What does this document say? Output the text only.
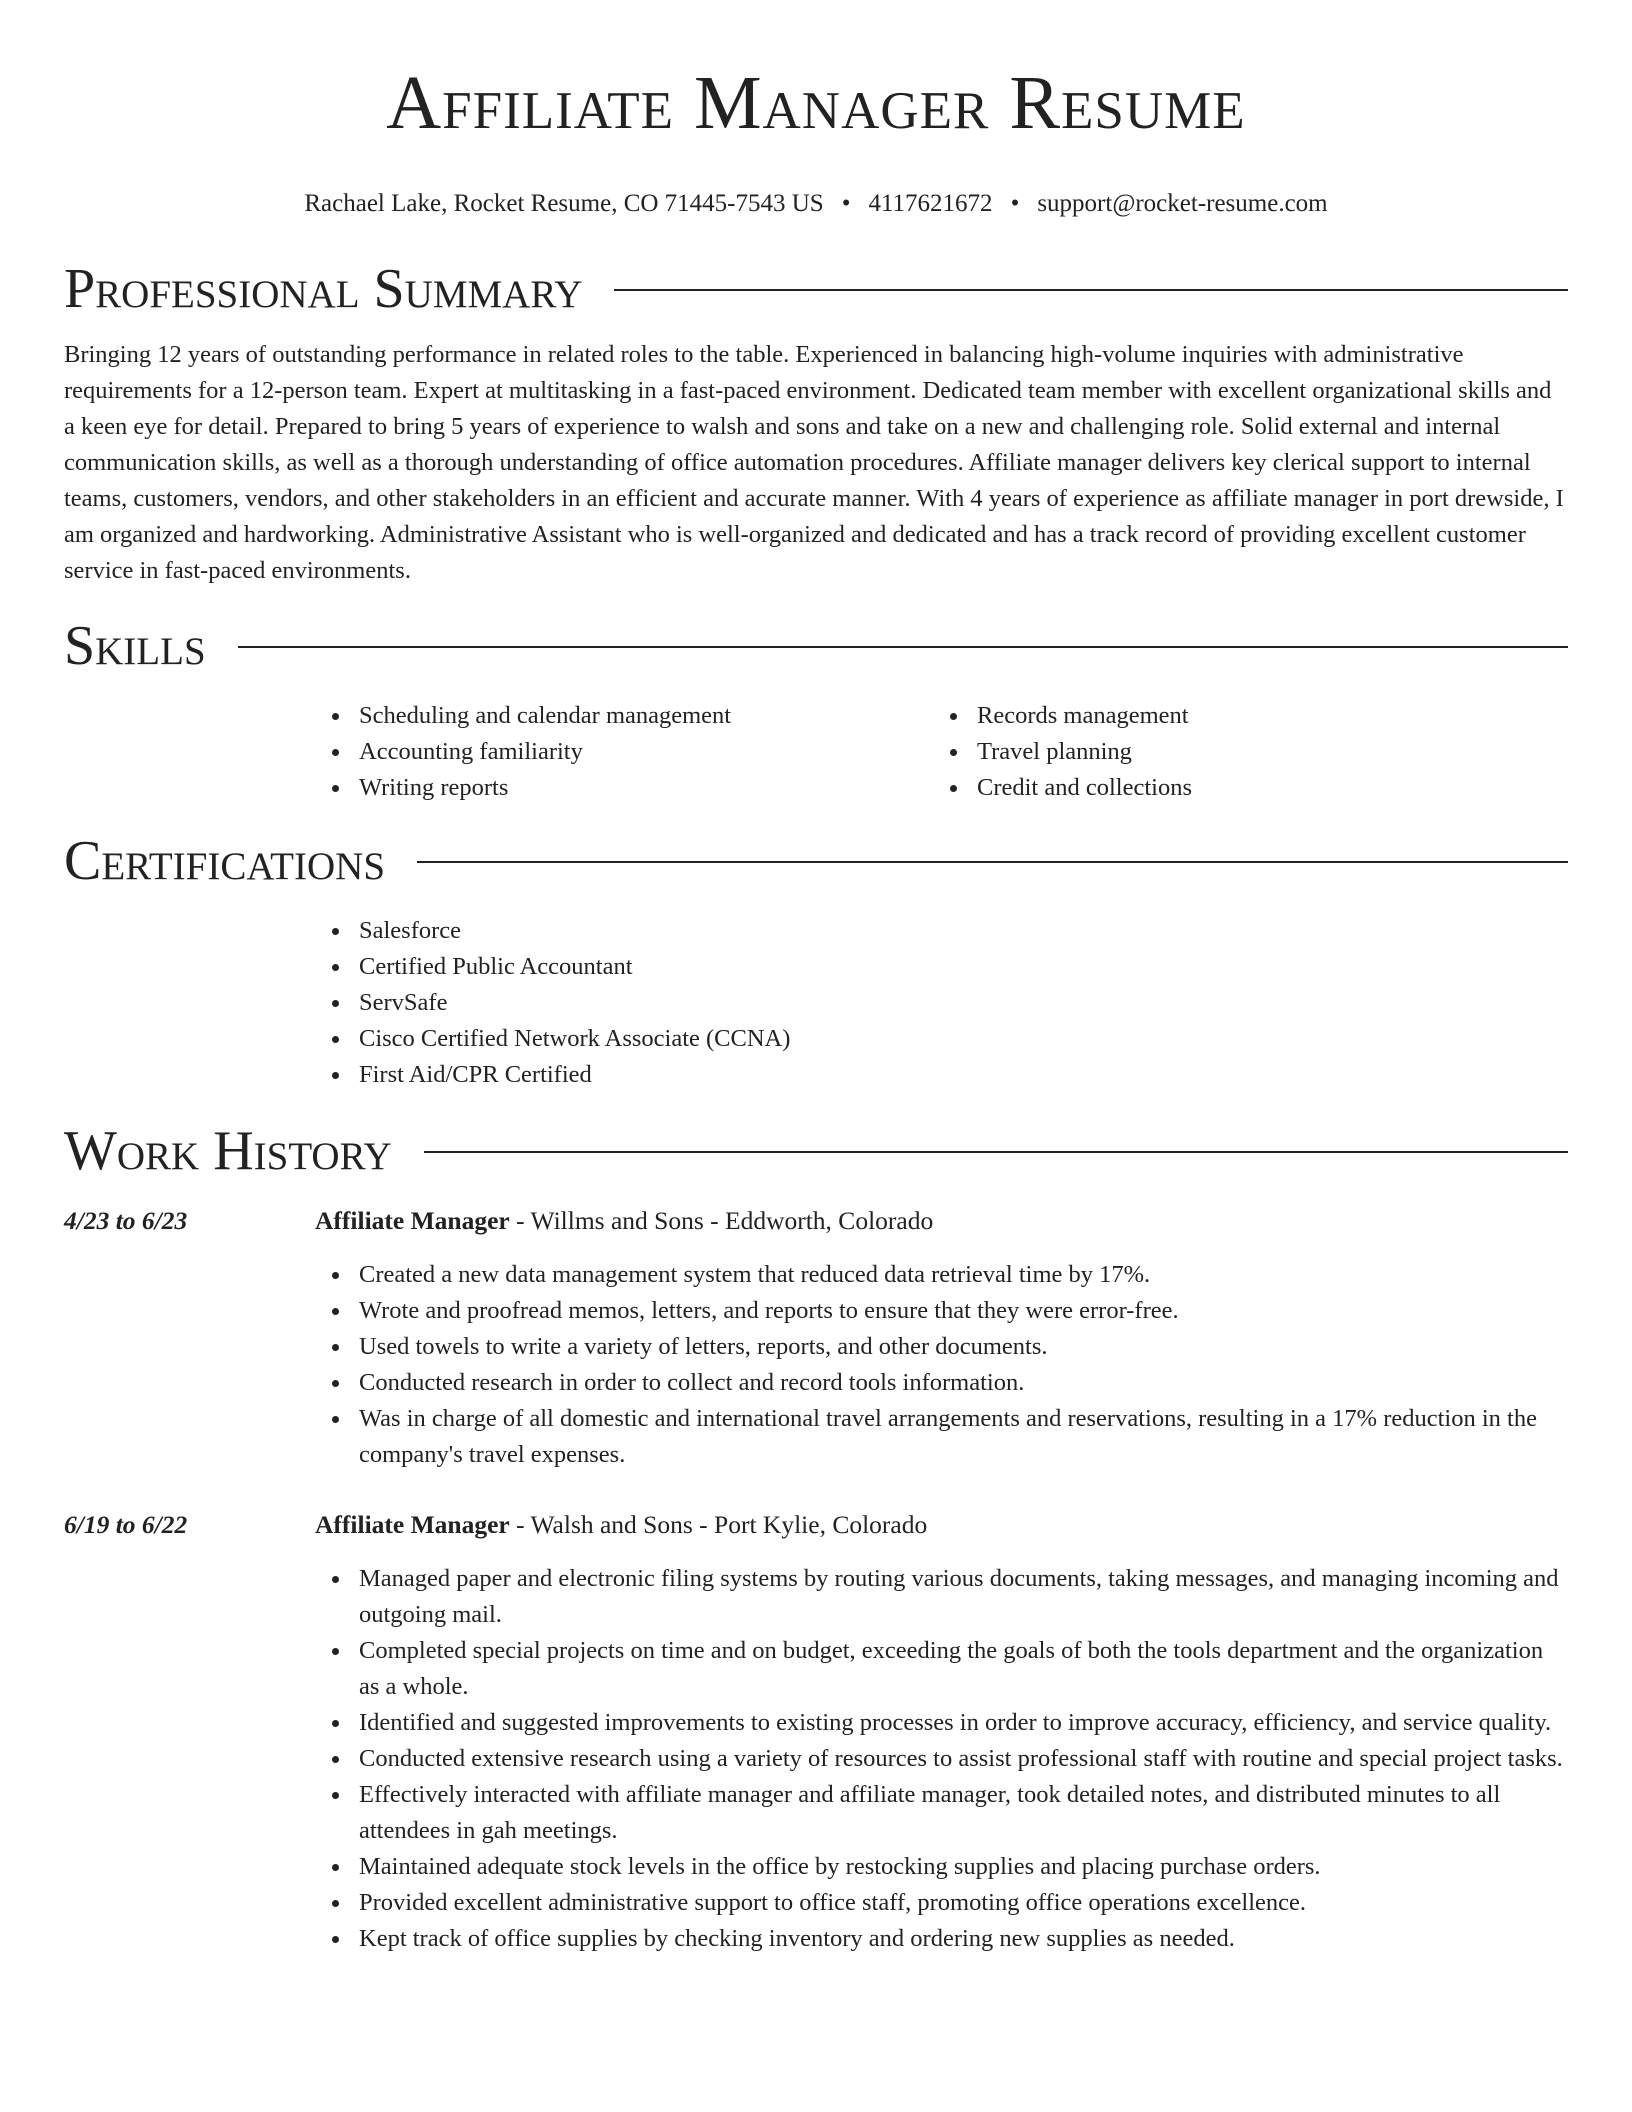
Affiliate Manager Resume
Rachael Lake, Rocket Resume, CO 71445-7543 US • 4117621672 • support@rocket-resume.com
Professional Summary

Bringing 12 years of outstanding performance in related roles to the table. Experienced in balancing high-volume inquiries with administrative requirements for a 12-person team. Expert at multitasking in a fast-paced environment. Dedicated team member with excellent organizational skills and a keen eye for detail. Prepared to bring 5 years of experience to walsh and sons and take on a new and challenging role. Solid external and internal communication skills, as well as a thorough understanding of office automation procedures. Affiliate manager delivers key clerical support to internal teams, customers, vendors, and other stakeholders in an efficient and accurate manner. With 4 years of experience as affiliate manager in port drewside, I am organized and hardworking. Administrative Assistant who is well-organized and dedicated and has a track record of providing excellent customer service in fast-paced environments.

Skills
Scheduling and calendar management
Accounting familiarity
Writing reports
Records management
Travel planning
Credit and collections
Certifications
Salesforce
Certified Public Accountant
ServSafe
Cisco Certified Network Associate (CCNA)
First Aid/CPR Certified
Work History
4/23 to 6/23	Affiliate Manager - Willms and Sons - Eddworth, Colorado
Created a new data management system that reduced data retrieval time by 17%.
Wrote and proofread memos, letters, and reports to ensure that they were error-free.
Used towels to write a variety of letters, reports, and other documents.
Conducted research in order to collect and record tools information.
Was in charge of all domestic and international travel arrangements and reservations, resulting in a 17% reduction in the company's travel expenses.
6/19 to 6/22	Affiliate Manager - Walsh and Sons - Port Kylie, Colorado
Managed paper and electronic filing systems by routing various documents, taking messages, and managing incoming and outgoing mail.
Completed special projects on time and on budget, exceeding the goals of both the tools department and the organization as a whole.
Identified and suggested improvements to existing processes in order to improve accuracy, efficiency, and service quality.
Conducted extensive research using a variety of resources to assist professional staff with routine and special project tasks.
Effectively interacted with affiliate manager and affiliate manager, took detailed notes, and distributed minutes to all attendees in gah meetings.
Maintained adequate stock levels in the office by restocking supplies and placing purchase orders.
Provided excellent administrative support to office staff, promoting office operations excellence.
Kept track of office supplies by checking inventory and ordering new supplies as needed.
